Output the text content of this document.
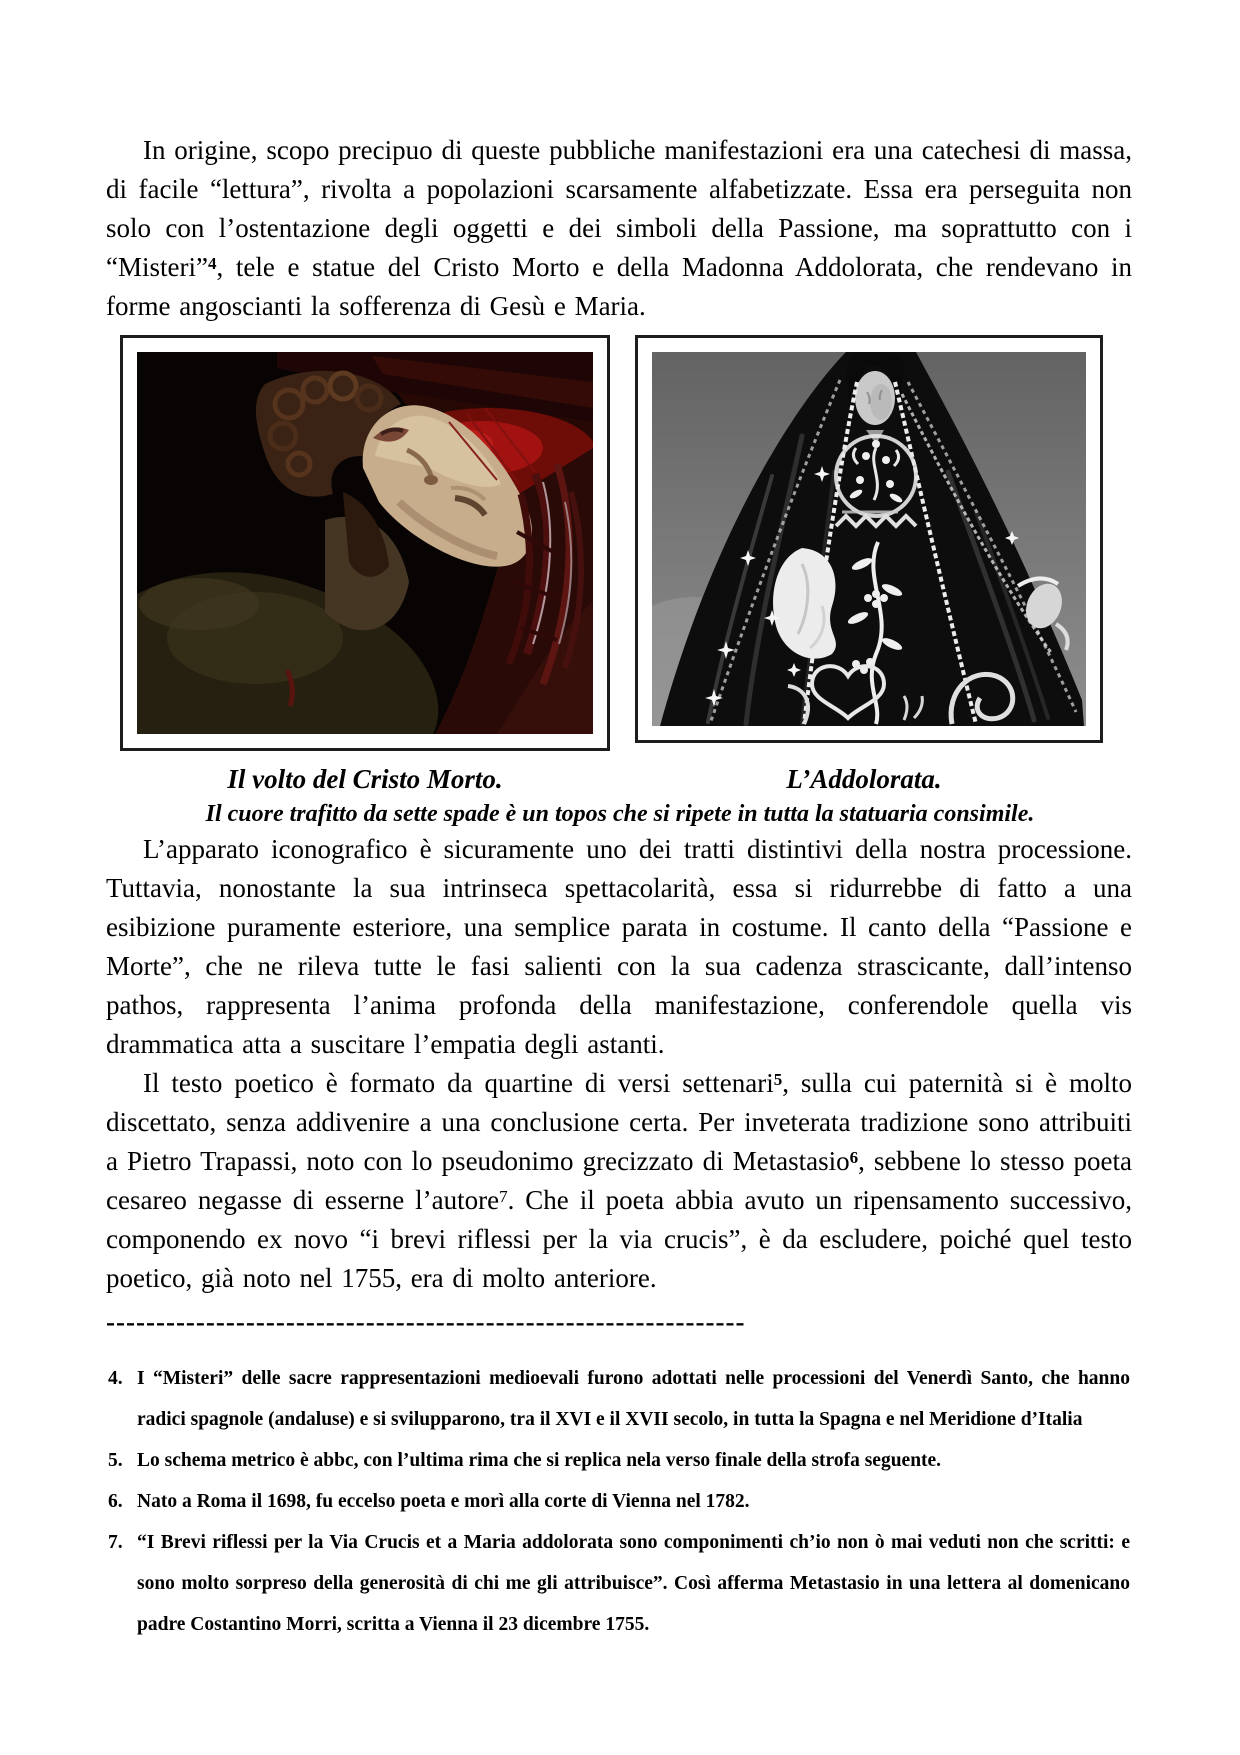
In origine, scopo precipuo di queste pubbliche manifestazioni era una catechesi di massa, di facile “lettura”, rivolta a popolazioni scarsamente alfabetizzate. Essa era perseguita non solo con l’ostentazione degli oggetti e dei simboli della Passione, ma soprattutto con i “Misteri”$^4$, tele e statue del Cristo Morto e della Madonna Addolorata, che rendevano in forme angoscianti la sofferenza di Gesù e Maria.

Il volto del Cristo Morto.	L’Addolorata.
Il cuore trafitto da sette spade è un topos che si ripete in tutta la statuaria consimile.

L’apparato iconografico è sicuramente uno dei tratti distintivi della nostra processione. Tuttavia, nonostante la sua intrinseca spettacolarità, essa si ridurrebbe di fatto a una esibizione puramente esteriore, una semplice parata in costume. Il canto della “Passione e Morte”, che ne rileva tutte le fasi salienti con la sua cadenza strascicante, dall’intenso pathos, rappresenta l’anima profonda della manifestazione, conferendole quella vis drammatica atta a suscitare l’empatia degli astanti.

Il testo poetico è formato da quartine di versi settenari$^5$, sulla cui paternità si è molto discettato, senza addivenire a una conclusione certa. Per inveterata tradizione sono attribuiti a Pietro Trapassi, noto con lo pseudonimo grecizzato di Metastasio$^6$, sebbene lo stesso poeta cesareo negasse di esserne l’autore$^7$. Che il poeta abbia avuto un ripensamento successivo, componendo ex novo “i brevi riflessi per la via crucis”, è da escludere, poiché quel testo poetico, già noto nel 1755, era di molto anteriore.

----------------------------------------------------------------
4. I “Misteri” delle sacre rappresentazioni medioevali furono adottati nelle processioni del Venerdì Santo, che hanno radici spagnole (andaluse) e si svilupparono, tra il XVI e il XVII secolo, in tutta la Spagna e nel Meridione d’Italia
5. Lo schema metrico è abbc, con l’ultima rima che si replica nela verso finale della strofa seguente.
6. Nato a Roma il 1698, fu eccelso poeta e morì alla corte di Vienna nel 1782.
7. “I Brevi riflessi per la Via Crucis et a Maria addolorata sono componimenti ch’io non ò mai veduti non che scritti: e sono molto sorpreso della generosità di chi me gli attribuisce”. Così afferma Metastasio in una lettera al domenicano padre Costantino Morri, scritta a Vienna il 23 dicembre 1755.
